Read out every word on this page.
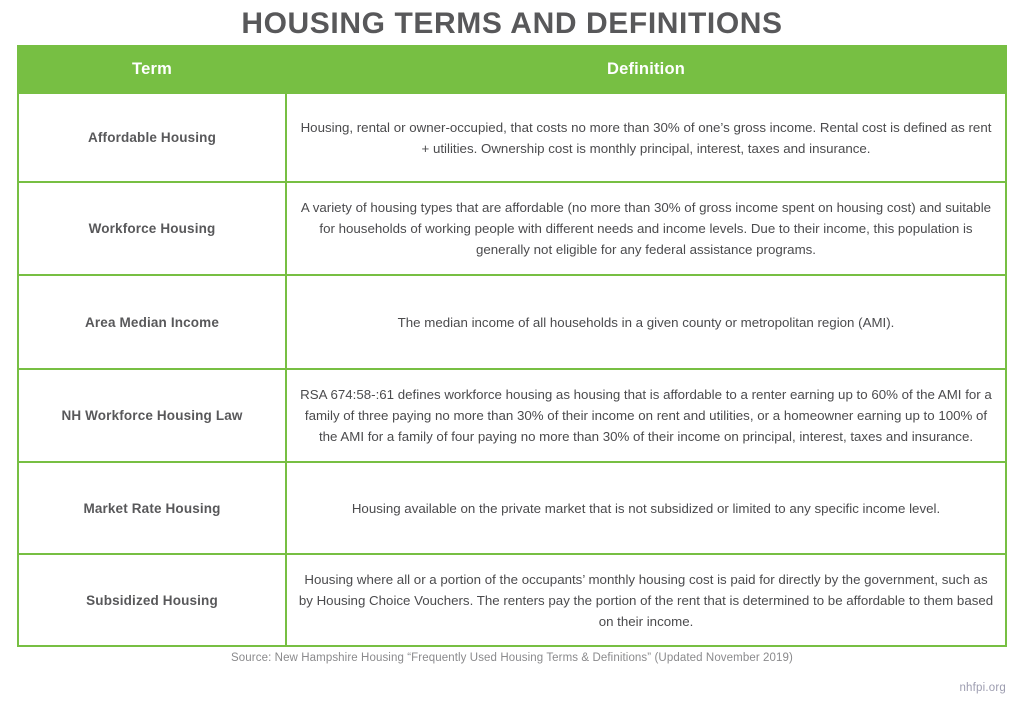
HOUSING TERMS AND DEFINITIONS
Term	Definition
Affordable Housing	Housing, rental or owner-occupied, that costs no more than 30% of one’s gross income. Rental cost is defined as rent + utilities. Ownership cost is monthly principal, interest, taxes and insurance.
Workforce Housing	A variety of housing types that are affordable (no more than 30% of gross income spent on housing cost) and suitable for households of working people with different needs and income levels. Due to their income, this population is generally not eligible for any federal assistance programs.
Area Median Income	The median income of all households in a given county or metropolitan region (AMI).
NH Workforce Housing Law	RSA 674:58-:61 defines workforce housing as housing that is affordable to a renter earning up to 60% of the AMI for a family of three paying no more than 30% of their income on rent and utilities, or a homeowner earning up to 100% of the AMI for a family of four paying no more than 30% of their income on principal, interest, taxes and insurance.
Market Rate Housing	Housing available on the private market that is not subsidized or limited to any specific income level.
Subsidized Housing	Housing where all or a portion of the occupants’ monthly housing cost is paid for directly by the government, such as by Housing Choice Vouchers. The renters pay the portion of the rent that is determined to be affordable to them based on their income.
Source: New Hampshire Housing “Frequently Used Housing Terms & Definitions” (Updated November 2019)
nhfpi.org
